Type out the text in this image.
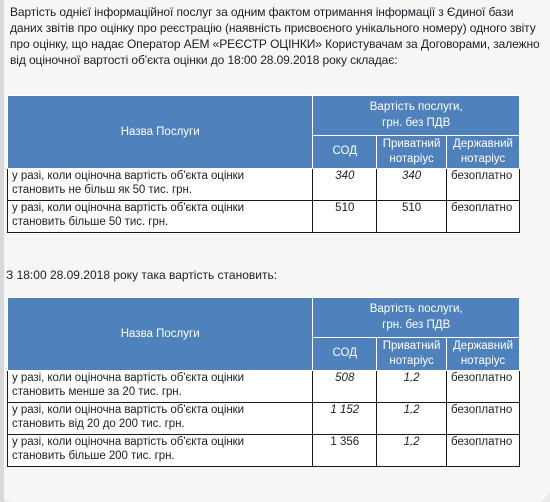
Вартість однієї інформаційної послуг за одним фактом отримання інформації з Єдиної бази
даних звітів про оцінку про реєстрацію (наявність присвоєного унікального номеру) одного звіту
про оцінку, що надає Оператор АЕМ «РЕЄСТР ОЦІНКИ» Користувачам за Договорами, залежно
від оціночної вартості об'єкта оцінки до 18:00 28.09.2018 року складає:
Назва Послуги	Вартість послуги,
грн. без ПДВ		
	СОД	Приватний
нотаріус	Державний
нотаріус
у разі, коли оціночна вартість об'єкта оцінки
становить не більш як 50 тис. грн.	340	340	безоплатно
у разі, коли оціночна вартість об'єкта оцінки
становить більше 50 тис. грн.	510	510	безоплатно
З 18:00 28.09.2018 року така вартість становить:
Назва Послуги	Вартість послуги,
грн. без ПДВ		
	СОД	Приватний
нотаріус	Державний
нотаріус
у разі, коли оціночна вартість об'єкта оцінки
становить менше за 20 тис. грн.	508	1,2	безоплатно
у разі, коли оціночна вартість об'єкта оцінки
становить від 20 до 200 тис. грн.	1 152	1,2	безоплатно
у разі, коли оціночна вартість об'єкта оцінки
становить більше 200 тис. грн.	1 356	1,2	безоплатно
